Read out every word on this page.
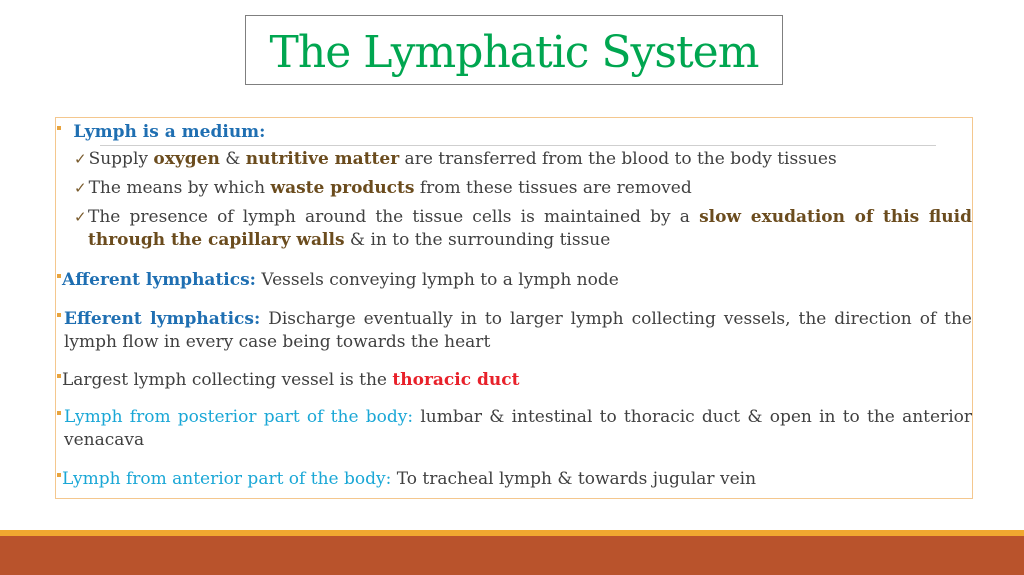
The Lymphatic System
Lymph is a medium:
✓ Supply oxygen & nutritive matter are transferred from the blood to the body tissues
✓ The means by which waste products from these tissues are removed
✓ The presence of lymph around the tissue cells is maintained by a slow exudation of this fluid through the capillary walls & in to the surrounding tissue
Afferent lymphatics: Vessels conveying lymph to a lymph node
Efferent lymphatics: Discharge eventually in to larger lymph collecting vessels, the direction of the lymph flow in every case being towards the heart
Largest lymph collecting vessel is the thoracic duct
Lymph from posterior part of the body: lumbar & intestinal to thoracic duct & open in to the anterior venacava
Lymph from anterior part of the body: To tracheal lymph & towards jugular vein
